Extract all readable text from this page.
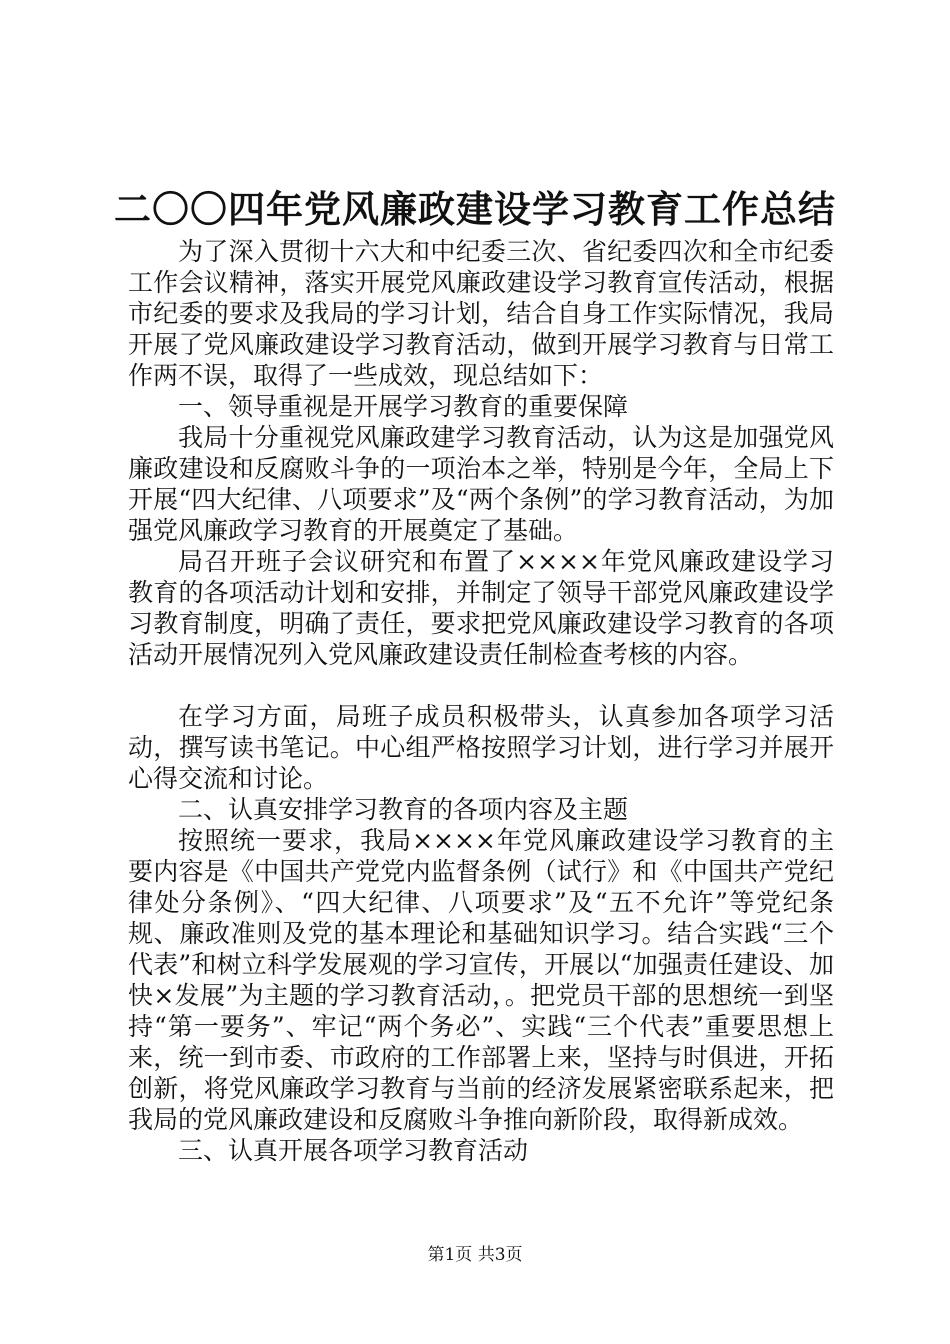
二〇〇四年党风廉政建设学习教育工作总结

为了深入贯彻十六大和中纪委三次、省纪委四次和全市纪委工作会议精神，落实开展党风廉政建设学习教育宣传活动，根据市纪委的要求及我局的学习计划，结合自身工作实际情况，我局开展了党风廉政建设学习教育活动，做到开展学习教育与日常工作两不误，取得了一些成效，现总结如下：

一、领导重视是开展学习教育的重要保障

我局十分重视党风廉政建学习教育活动，认为这是加强党风廉政建设和反腐败斗争的一项治本之举，特别是今年，全局上下开展“四大纪律、八项要求”及“两个条例”的学习教育活动，为加强党风廉政学习教育的开展奠定了基础。

局召开班子会议研究和布置了××××年党风廉政建设学习教育的各项活动计划和安排，并制定了领导干部党风廉政建设学习教育制度，明确了责任，要求把党风廉政建设学习教育的各项活动开展情况列入党风廉政建设责任制检查考核的内容。

在学习方面，局班子成员积极带头，认真参加各项学习活动，撰写读书笔记。中心组严格按照学习计划，进行学习并展开心得交流和讨论。

二、认真安排学习教育的各项内容及主题

按照统一要求，我局××××年党风廉政建设学习教育的主要内容是《中国共产党党内监督条例（试行》和《中国共产党纪律处分条例》、“四大纪律、八项要求”及“五不允许”等党纪条规、廉政准则及党的基本理论和基础知识学习。结合实践“三个代表”和树立科学发展观的学习宣传，开展以“加强责任建设、加快×发展”为主题的学习教育活动，。把党员干部的思想统一到坚持“第一要务”、牢记“两个务必”、实践“三个代表”重要思想上来，统一到市委、市政府的工作部署上来，坚持与时俱进，开拓创新，将党风廉政学习教育与当前的经济发展紧密联系起来，把我局的党风廉政建设和反腐败斗争推向新阶段，取得新成效。

三、认真开展各项学习教育活动

第1页 共3页
